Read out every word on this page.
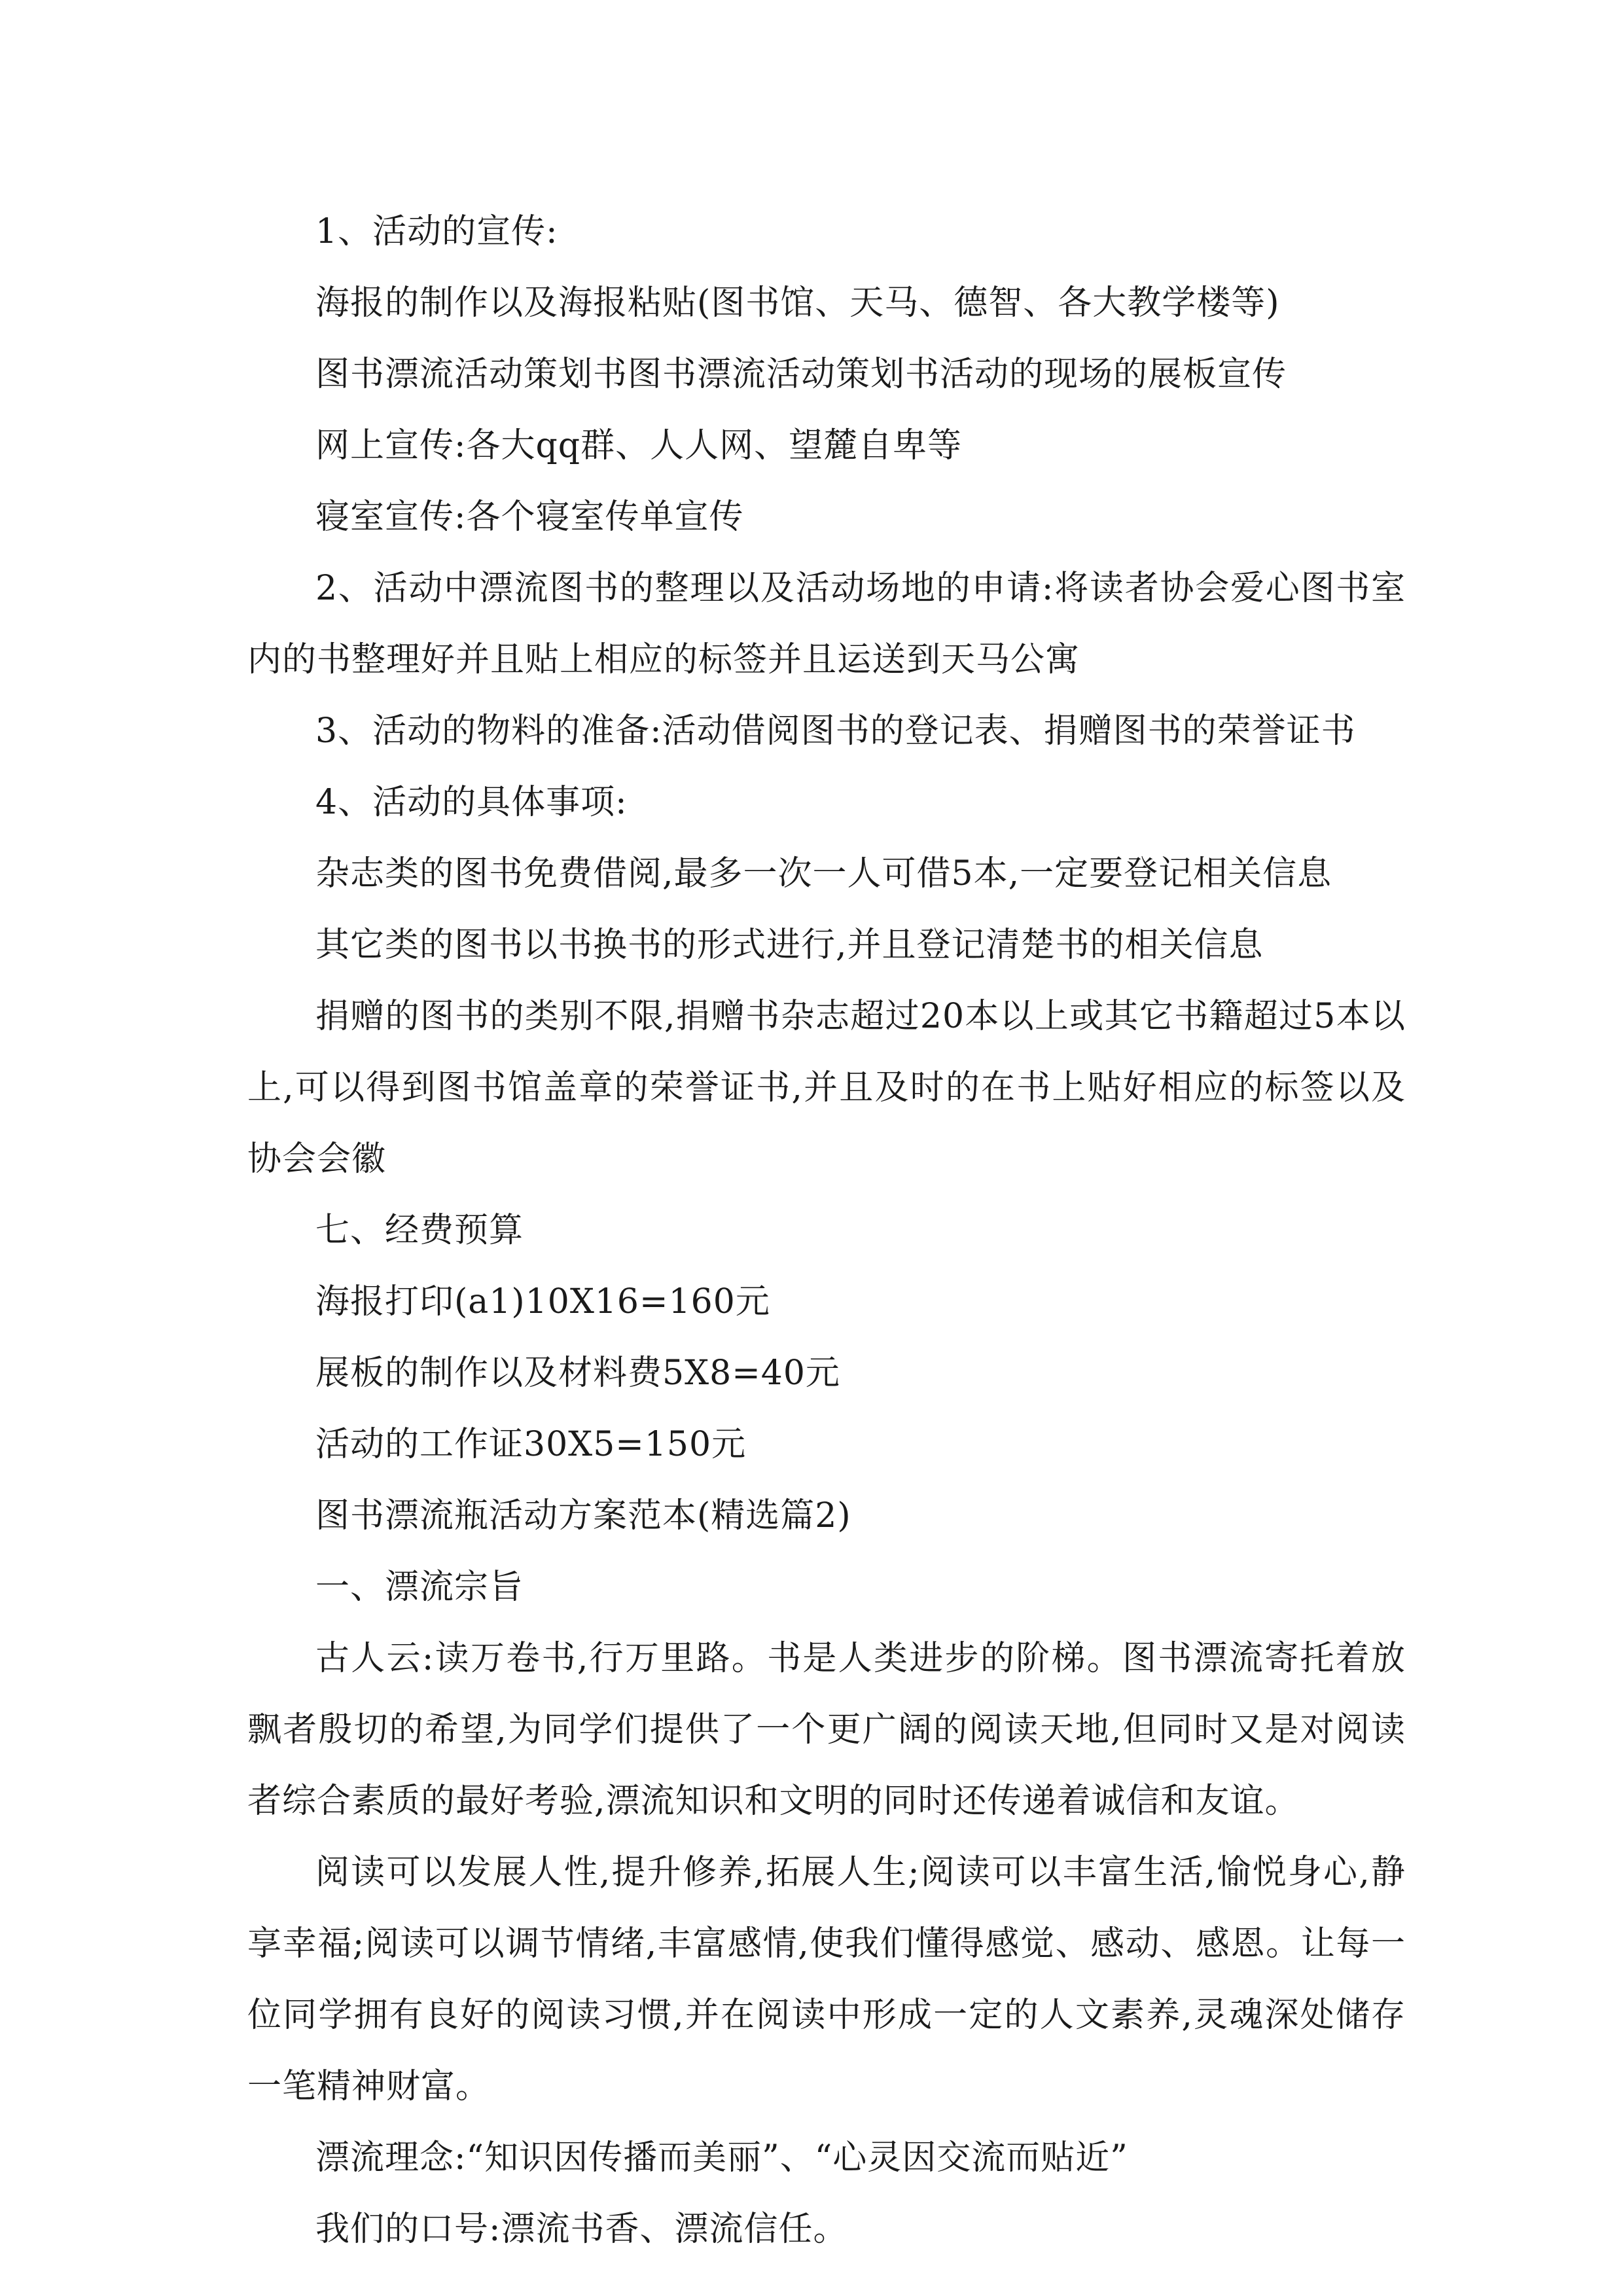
1、活动的宣传:

海报的制作以及海报粘贴(图书馆、天马、德智、各大教学楼等)

图书漂流活动策划书图书漂流活动策划书活动的现场的展板宣传

网上宣传:各大qq群、人人网、望麓自卑等

寝室宣传:各个寝室传单宣传

2、活动中漂流图书的整理以及活动场地的申请:将读者协会爱心图书室内的书整理好并且贴上相应的标签并且运送到天马公寓

3、活动的物料的准备:活动借阅图书的登记表、捐赠图书的荣誉证书

4、活动的具体事项:

杂志类的图书免费借阅,最多一次一人可借5本,一定要登记相关信息

其它类的图书以书换书的形式进行,并且登记清楚书的相关信息

捐赠的图书的类别不限,捐赠书杂志超过20本以上或其它书籍超过5本以上,可以得到图书馆盖章的荣誉证书,并且及时的在书上贴好相应的标签以及协会会徽

七、经费预算

海报打印(a1)10X16=160元

展板的制作以及材料费5X8=40元

活动的工作证30X5=150元

图书漂流瓶活动方案范本(精选篇2)

一、漂流宗旨

古人云:读万卷书,行万里路。书是人类进步的阶梯。图书漂流寄托着放飘者殷切的希望,为同学们提供了一个更广阔的阅读天地,但同时又是对阅读者综合素质的最好考验,漂流知识和文明的同时还传递着诚信和友谊。

阅读可以发展人性,提升修养,拓展人生;阅读可以丰富生活,愉悦身心,静享幸福;阅读可以调节情绪,丰富感情,使我们懂得感觉、感动、感恩。让每一位同学拥有良好的阅读习惯,并在阅读中形成一定的人文素养,灵魂深处储存一笔精神财富。

漂流理念:“知识因传播而美丽”、“心灵因交流而贴近”

我们的口号:漂流书香、漂流信任。
